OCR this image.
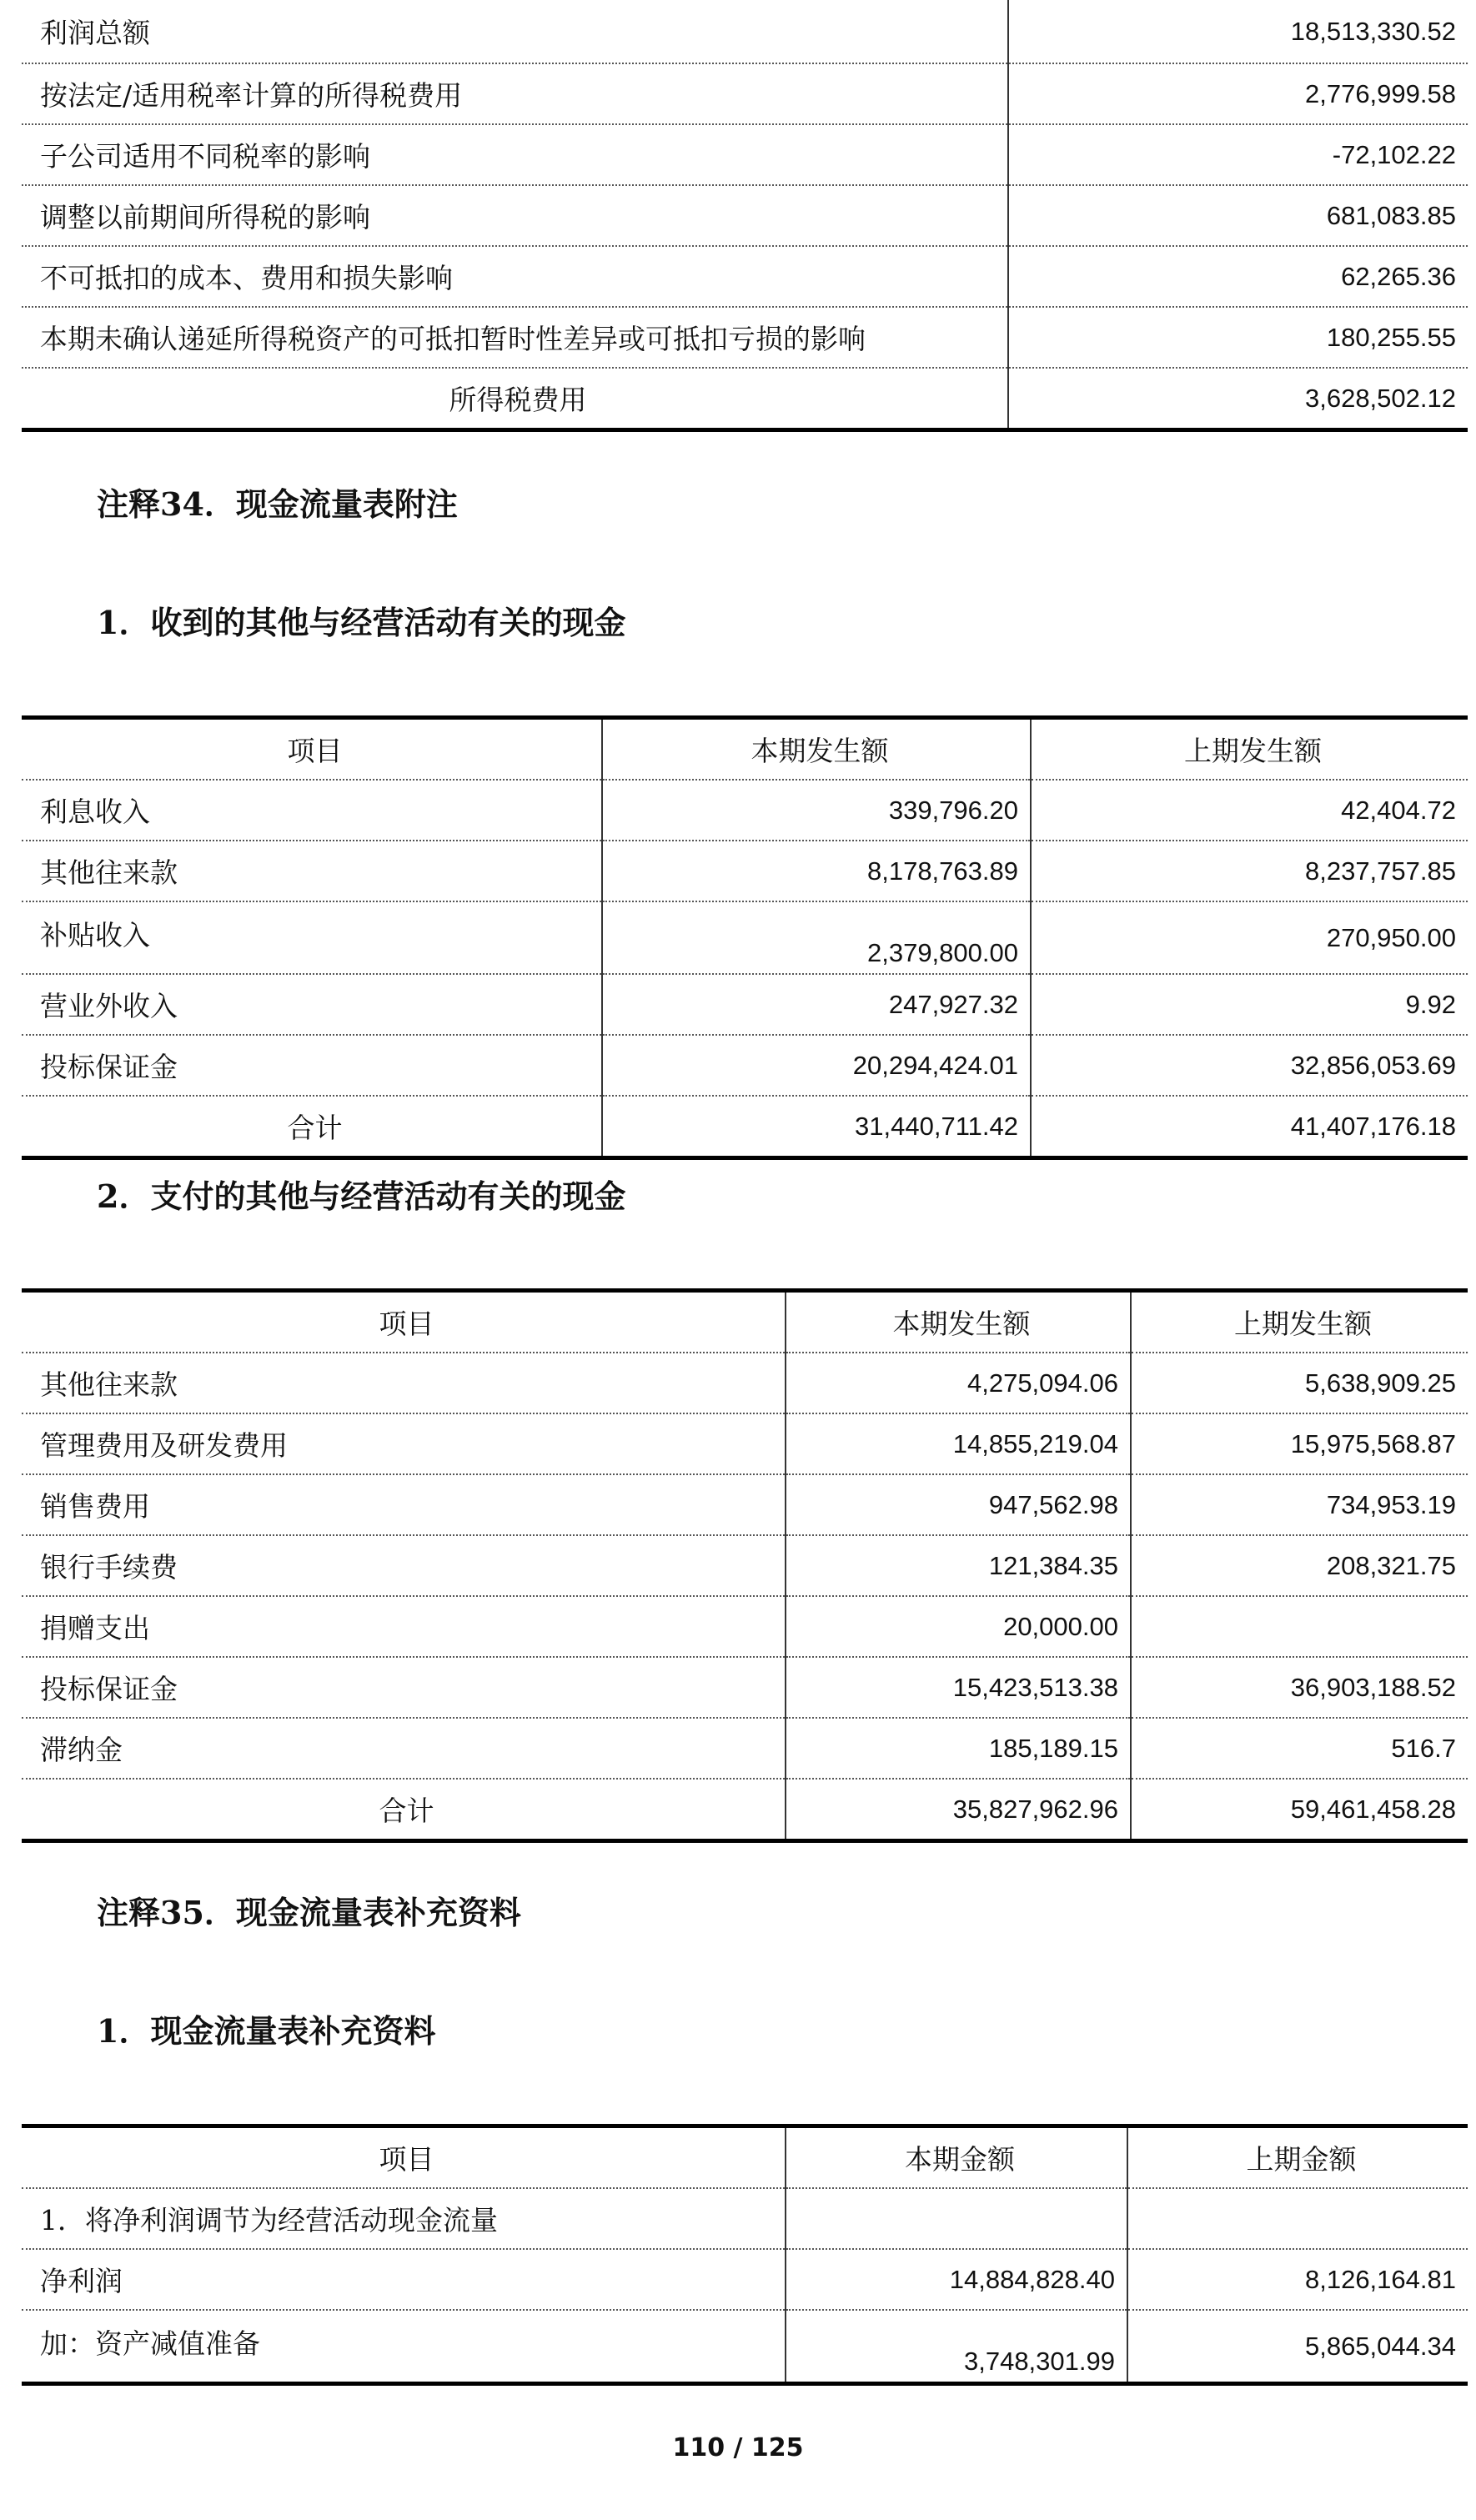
利润总额	18,513,330.52
按法定/适用税率计算的所得税费用	2,776,999.58
子公司适用不同税率的影响	-72,102.22
调整以前期间所得税的影响	681,083.85
不可抵扣的成本、费用和损失影响	62,265.36
本期未确认递延所得税资产的可抵扣暂时性差异或可抵扣亏损的影响	180,255.55
所得税费用	3,628,502.12
注释34．现金流量表附注
1．收到的其他与经营活动有关的现金
项目	本期发生额	上期发生额
利息收入	339,796.20	42,404.72
其他往来款	8,178,763.89	8,237,757.85
补贴收入	2,379,800.00	270,950.00
营业外收入	247,927.32	9.92
投标保证金	20,294,424.01	32,856,053.69
合计	31,440,711.42	41,407,176.18
2．支付的其他与经营活动有关的现金
项目	本期发生额	上期发生额
其他往来款	4,275,094.06	5,638,909.25
管理费用及研发费用	14,855,219.04	15,975,568.87
销售费用	947,562.98	734,953.19
银行手续费	121,384.35	208,321.75
捐赠支出	20,000.00	
投标保证金	15,423,513.38	36,903,188.52
滞纳金	185,189.15	516.7
合计	35,827,962.96	59,461,458.28
注释35．现金流量表补充资料
1．现金流量表补充资料
项目	本期金额	上期金额
1．将净利润调节为经营活动现金流量		
净利润	14,884,828.40	8,126,164.81
加：资产减值准备	3,748,301.99	5,865,044.34
110 / 125
